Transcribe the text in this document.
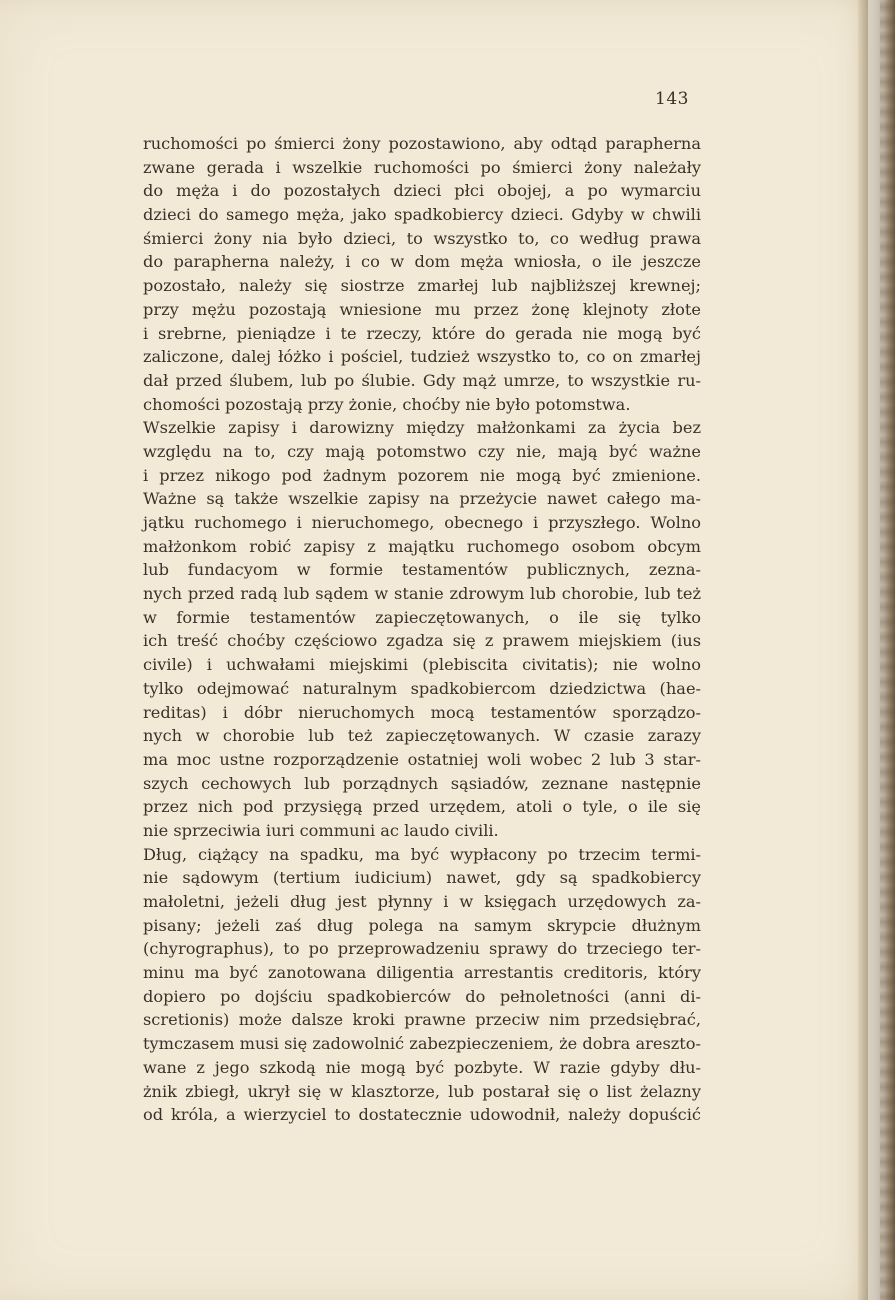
143

ruchomości po śmierci żony pozostawiono, aby odtąd parapherna
zwane gerada i wszelkie ruchomości po śmierci żony należały
do męża i do pozostałych dzieci płci obojej, a po wymarciu
dzieci do samego męża, jako spadkobiercy dzieci. Gdyby w chwili
śmierci żony nia było dzieci, to wszystko to, co według prawa
do parapherna należy, i co w dom męża wniosła, o ile jeszcze
pozostało, należy się siostrze zmarłej lub najbliższej krewnej;
przy mężu pozostają wniesione mu przez żonę klejnoty złote
i srebrne, pieniądze i te rzeczy, które do gerada nie mogą być
zaliczone, dalej łóżko i pościel, tudzież wszystko to, co on zmarłej
dał przed ślubem, lub po ślubie. Gdy mąż umrze, to wszystkie ru-
chomości pozostają przy żonie, choćby nie było potomstwa.
Wszelkie zapisy i darowizny między małżonkami za życia bez
względu na to, czy mają potomstwo czy nie, mają być ważne
i przez nikogo pod żadnym pozorem nie mogą być zmienione.
Ważne są także wszelkie zapisy na przeżycie nawet całego ma-
jątku ruchomego i nieruchomego, obecnego i przyszłego. Wolno
małżonkom robić zapisy z majątku ruchomego osobom obcym
lub fundacyom w formie testamentów publicznych, zezna-
nych przed radą lub sądem w stanie zdrowym lub chorobie, lub też
w formie testamentów zapieczętowanych, o ile się tylko
ich treść choćby częściowo zgadza się z prawem miejskiem (ius
civile) i uchwałami miejskimi (plebiscita civitatis); nie wolno
tylko odejmować naturalnym spadkobiercom dziedzictwa (hae-
reditas) i dóbr nieruchomych mocą testamentów sporządzo-
nych w chorobie lub też zapieczętowanych. W czasie zarazy
ma moc ustne rozporządzenie ostatniej woli wobec 2 lub 3 star-
szych cechowych lub porządnych sąsiadów, zeznane następnie
przez nich pod przysięgą przed urzędem, atoli o tyle, o ile się
nie sprzeciwia iuri communi ac laudo civili.
Dług, ciążący na spadku, ma być wypłacony po trzecim termi-
nie sądowym (tertium iudicium) nawet, gdy są spadkobiercy
małoletni, jeżeli dług jest płynny i w księgach urzędowych za-
pisany; jeżeli zaś dług polega na samym skrypcie dłużnym
(chyrographus), to po przeprowadzeniu sprawy do trzeciego ter-
minu ma być zanotowana diligentia arrestantis creditoris, który
dopiero po dojściu spadkobierców do pełnoletności (anni di-
scretionis) może dalsze kroki prawne przeciw nim przedsiębrać,
tymczasem musi się zadowolnić zabezpieczeniem, że dobra aresztо-
wane z jego szkodą nie mogą być pozbyte. W razie gdyby dłu-
żnik zbiegł, ukrył się w klasztorze, lub postarał się o list żelazny
od króla, a wierzyciel to dostatecznie udowodnił, należy dopuścić
